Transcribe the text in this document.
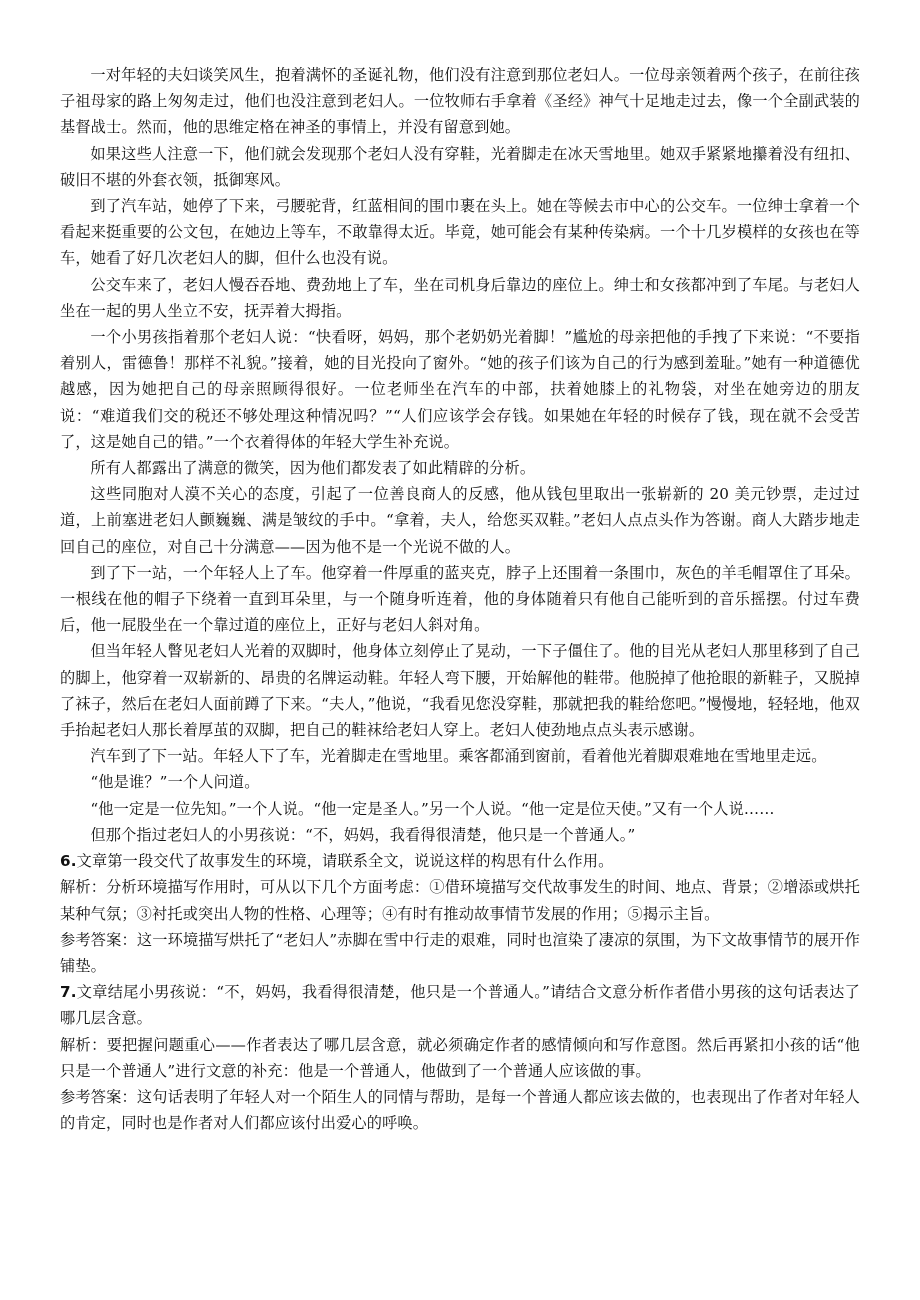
一对年轻的夫妇谈笑风生，抱着满怀的圣诞礼物，他们没有注意到那位老妇人。一位母亲领着两个孩子，在前往孩子祖母家的路上匆匆走过，他们也没注意到老妇人。一位牧师右手拿着《圣经》神气十足地走过去，像一个全副武装的基督战士。然而，他的思维定格在神圣的事情上，并没有留意到她。

如果这些人注意一下，他们就会发现那个老妇人没有穿鞋，光着脚走在冰天雪地里。她双手紧紧地攥着没有纽扣、破旧不堪的外套衣领，抵御寒风。

到了汽车站，她停了下来，弓腰驼背，红蓝相间的围巾裹在头上。她在等候去市中心的公交车。一位绅士拿着一个看起来挺重要的公文包，在她边上等车，不敢靠得太近。毕竟，她可能会有某种传染病。一个十几岁模样的女孩也在等车，她看了好几次老妇人的脚，但什么也没有说。

公交车来了，老妇人慢吞吞地、费劲地上了车，坐在司机身后靠边的座位上。绅士和女孩都冲到了车尾。与老妇人坐在一起的男人坐立不安，抚弄着大拇指。

一个小男孩指着那个老妇人说：“快看呀，妈妈，那个老奶奶光着脚！”尴尬的母亲把他的手拽了下来说：“不要指着别人，雷德鲁！那样不礼貌。”接着，她的目光投向了窗外。“她的孩子们该为自己的行为感到羞耻。”她有一种道德优越感，因为她把自己的母亲照顾得很好。一位老师坐在汽车的中部，扶着她膝上的礼物袋，对坐在她旁边的朋友说：“难道我们交的税还不够处理这种情况吗？”“人们应该学会存钱。如果她在年轻的时候存了钱，现在就不会受苦了，这是她自己的错。”一个衣着得体的年轻大学生补充说。

所有人都露出了满意的微笑，因为他们都发表了如此精辟的分析。

这些同胞对人漠不关心的态度，引起了一位善良商人的反感，他从钱包里取出一张崭新的 20 美元钞票，走过过道，上前塞进老妇人颤巍巍、满是皱纹的手中。“拿着，夫人，给您买双鞋。”老妇人点点头作为答谢。商人大踏步地走回自己的座位，对自己十分满意——因为他不是一个光说不做的人。

到了下一站，一个年轻人上了车。他穿着一件厚重的蓝夹克，脖子上还围着一条围巾，灰色的羊毛帽罩住了耳朵。一根线在他的帽子下绕着一直到耳朵里，与一个随身听连着，他的身体随着只有他自己能听到的音乐摇摆。付过车费后，他一屁股坐在一个靠过道的座位上，正好与老妇人斜对角。

但当年轻人瞥见老妇人光着的双脚时，他身体立刻停止了晃动，一下子僵住了。他的目光从老妇人那里移到了自己的脚上，他穿着一双崭新的、昂贵的名牌运动鞋。年轻人弯下腰，开始解他的鞋带。他脱掉了他抢眼的新鞋子，又脱掉了袜子，然后在老妇人面前蹲了下来。“夫人，”他说，“我看见您没穿鞋，那就把我的鞋给您吧。”慢慢地，轻轻地，他双手抬起老妇人那长着厚茧的双脚，把自己的鞋袜给老妇人穿上。老妇人使劲地点点头表示感谢。

汽车到了下一站。年轻人下了车，光着脚走在雪地里。乘客都涌到窗前，看着他光着脚艰难地在雪地里走远。

“他是谁？”一个人问道。

“他一定是一位先知。”一个人说。“他一定是圣人。”另一个人说。“他一定是位天使。”又有一个人说……

但那个指过老妇人的小男孩说：“不，妈妈，我看得很清楚，他只是一个普通人。”

6.文章第一段交代了故事发生的环境，请联系全文，说说这样的构思有什么作用。

解析：分析环境描写作用时，可从以下几个方面考虑：①借环境描写交代故事发生的时间、地点、背景；②增添或烘托某种气氛；③衬托或突出人物的性格、心理等；④有时有推动故事情节发展的作用；⑤揭示主旨。

参考答案：这一环境描写烘托了“老妇人”赤脚在雪中行走的艰难，同时也渲染了凄凉的氛围，为下文故事情节的展开作铺垫。

7.文章结尾小男孩说：“不，妈妈，我看得很清楚，他只是一个普通人。”请结合文意分析作者借小男孩的这句话表达了哪几层含意。

解析：要把握问题重心——作者表达了哪几层含意，就必须确定作者的感情倾向和写作意图。然后再紧扣小孩的话“他只是一个普通人”进行文意的补充：他是一个普通人，他做到了一个普通人应该做的事。

参考答案：这句话表明了年轻人对一个陌生人的同情与帮助，是每一个普通人都应该去做的，也表现出了作者对年轻人的肯定，同时也是作者对人们都应该付出爱心的呼唤。
